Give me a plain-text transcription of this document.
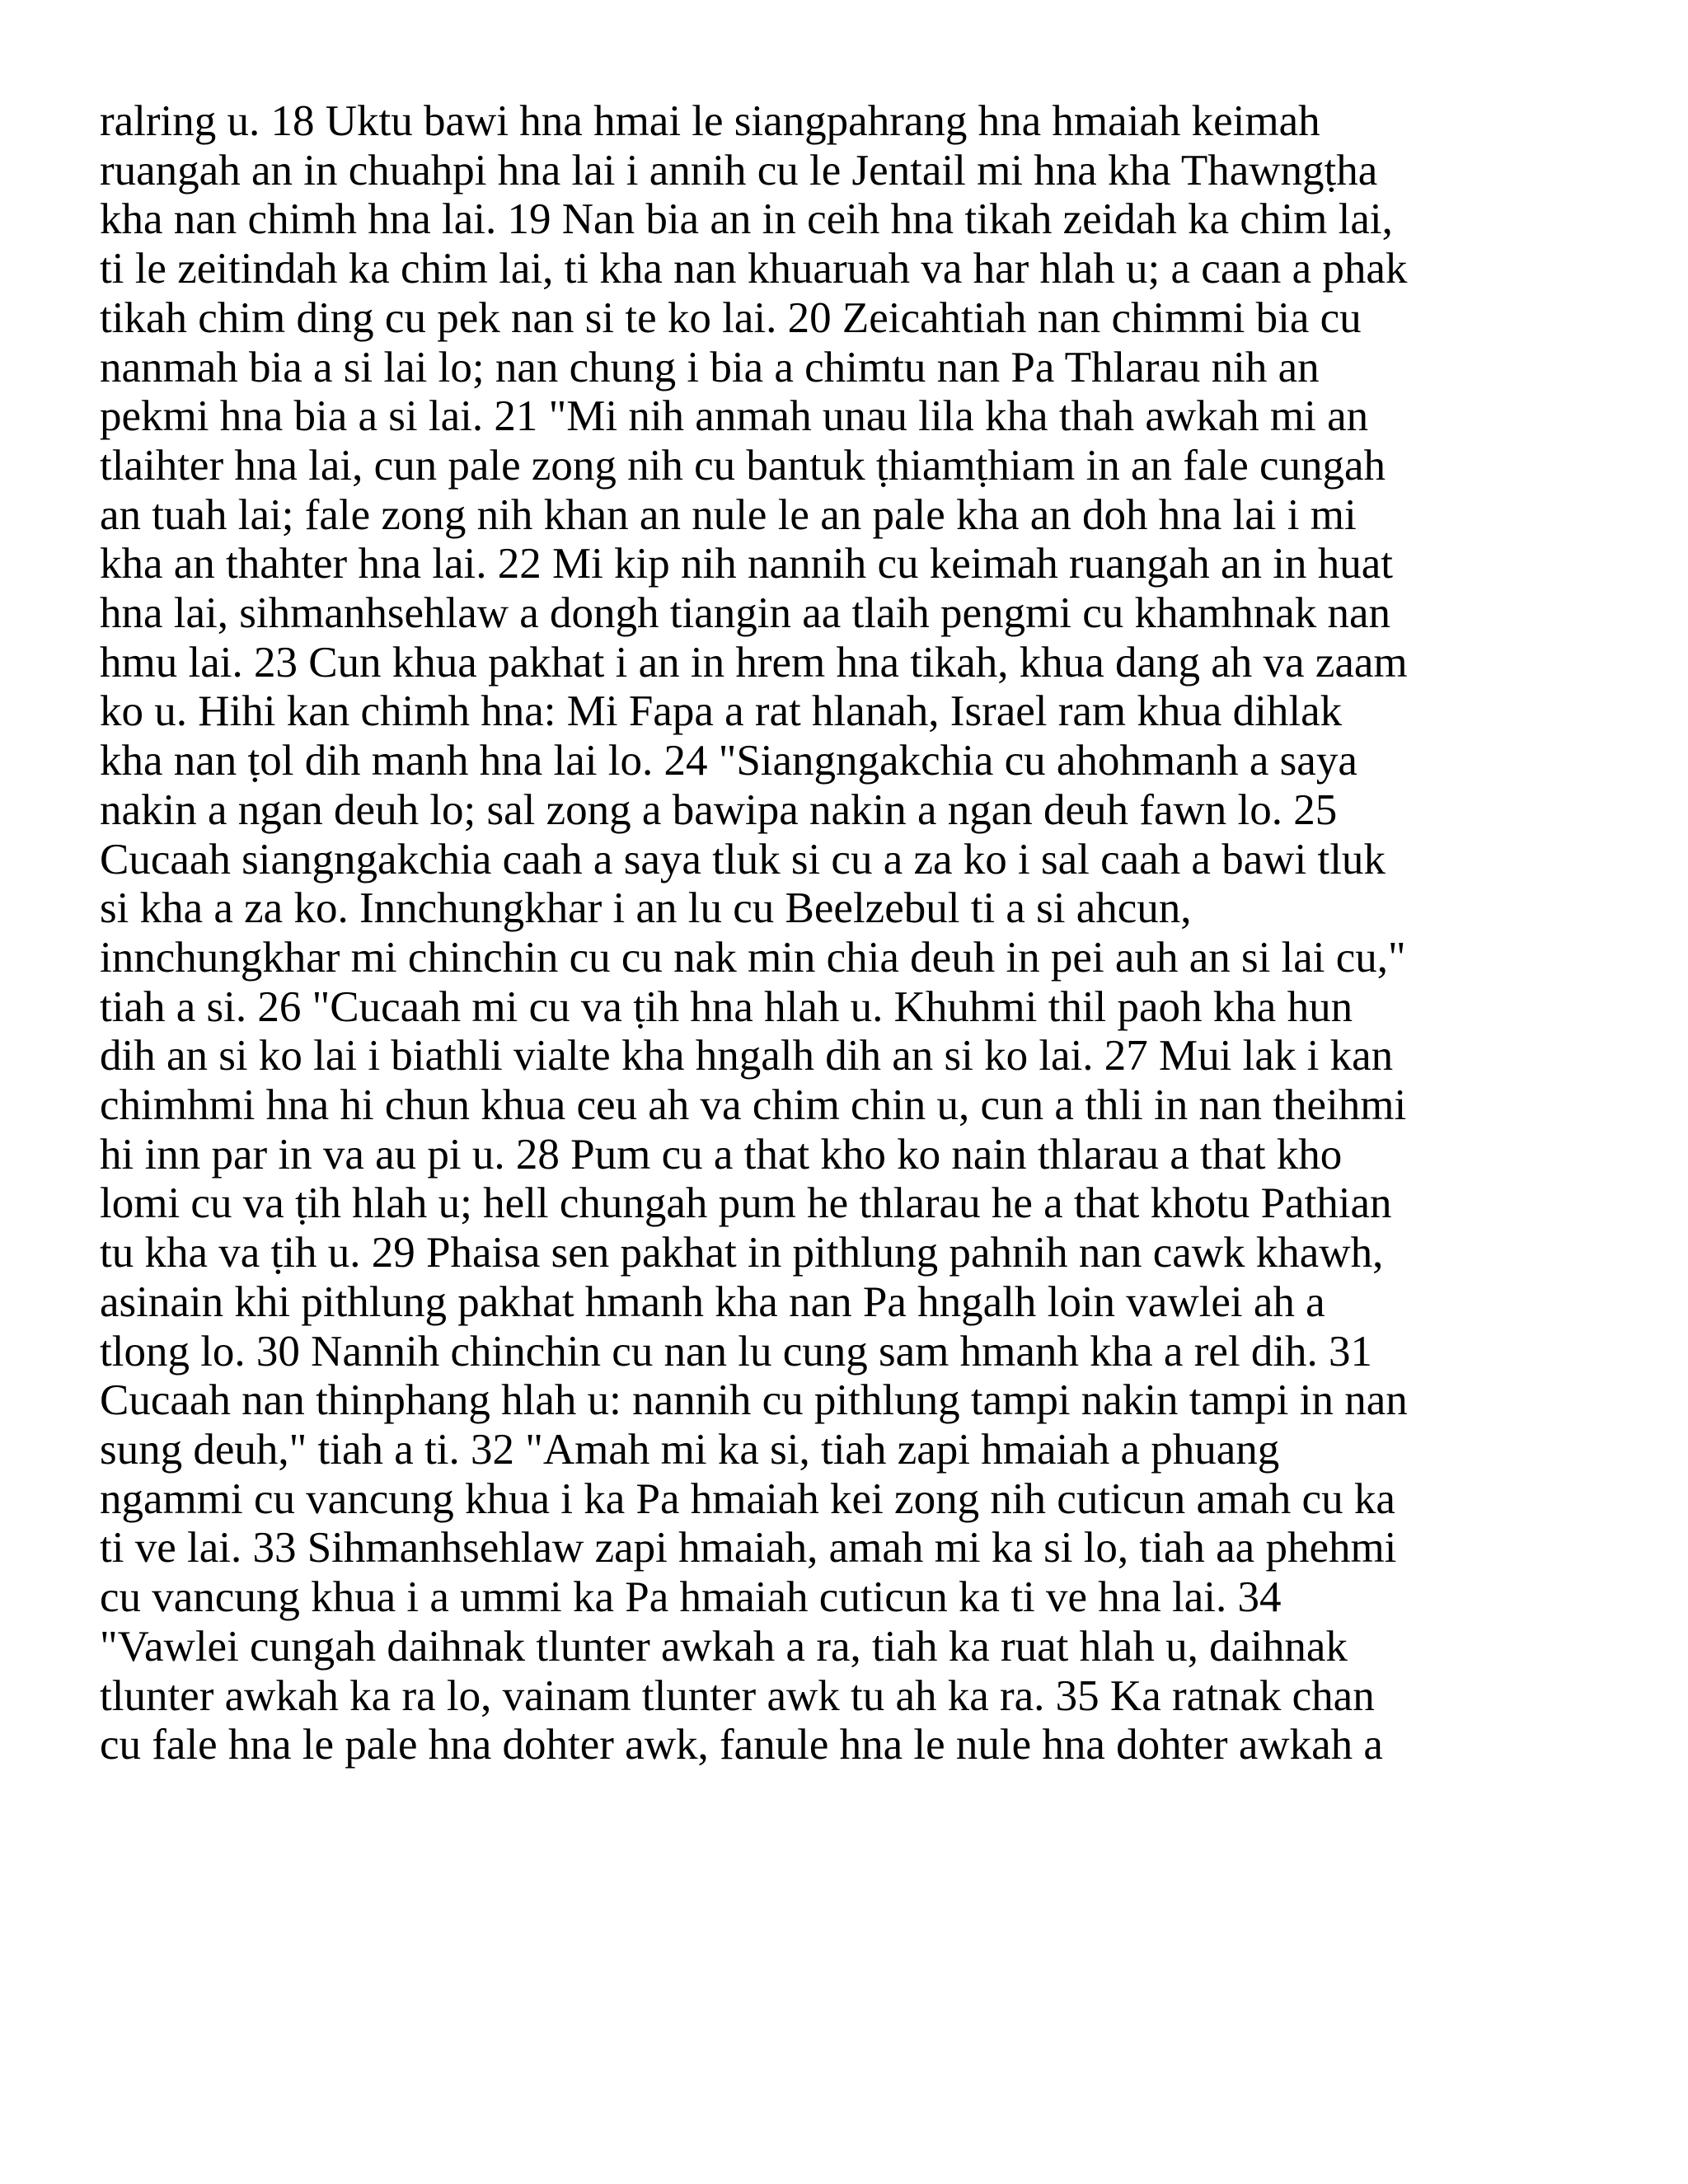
ralring u. 18 Uktu bawi hna hmai le siangpahrang hna hmaiah keimah
ruangah an in chuahpi hna lai i annih cu le Jentail mi hna kha Thawngṭha
kha nan chimh hna lai. 19 Nan bia an in ceih hna tikah zeidah ka chim lai,
ti le zeitindah ka chim lai, ti kha nan khuaruah va har hlah u; a caan a phak
tikah chim ding cu pek nan si te ko lai. 20 Zeicahtiah nan chimmi bia cu
nanmah bia a si lai lo; nan chung i bia a chimtu nan Pa Thlarau nih an
pekmi hna bia a si lai. 21 "Mi nih anmah unau lila kha thah awkah mi an
tlaihter hna lai, cun pale zong nih cu bantuk ṭhiamṭhiam in an fale cungah
an tuah lai; fale zong nih khan an nule le an pale kha an doh hna lai i mi
kha an thahter hna lai. 22 Mi kip nih nannih cu keimah ruangah an in huat
hna lai, sihmanhsehlaw a dongh tiangin aa tlaih pengmi cu khamhnak nan
hmu lai. 23 Cun khua pakhat i an in hrem hna tikah, khua dang ah va zaam
ko u. Hihi kan chimh hna: Mi Fapa a rat hlanah, Israel ram khua dihlak
kha nan ṭol dih manh hna lai lo. 24 "Siangngakchia cu ahohmanh a saya
nakin a ngan deuh lo; sal zong a bawipa nakin a ngan deuh fawn lo. 25
Cucaah siangngakchia caah a saya tluk si cu a za ko i sal caah a bawi tluk
si kha a za ko. Innchungkhar i an lu cu Beelzebul ti a si ahcun,
innchungkhar mi chinchin cu cu nak min chia deuh in pei auh an si lai cu,"
tiah a si. 26 "Cucaah mi cu va ṭih hna hlah u. Khuhmi thil paoh kha hun
dih an si ko lai i biathli vialte kha hngalh dih an si ko lai. 27 Mui lak i kan
chimhmi hna hi chun khua ceu ah va chim chin u, cun a thli in nan theihmi
hi inn par in va au pi u. 28 Pum cu a that kho ko nain thlarau a that kho
lomi cu va ṭih hlah u; hell chungah pum he thlarau he a that khotu Pathian
tu kha va ṭih u. 29 Phaisa sen pakhat in pithlung pahnih nan cawk khawh,
asinain khi pithlung pakhat hmanh kha nan Pa hngalh loin vawlei ah a
tlong lo. 30 Nannih chinchin cu nan lu cung sam hmanh kha a rel dih. 31
Cucaah nan thinphang hlah u: nannih cu pithlung tampi nakin tampi in nan
sung deuh," tiah a ti. 32 "Amah mi ka si, tiah zapi hmaiah a phuang
ngammi cu vancung khua i ka Pa hmaiah kei zong nih cuticun amah cu ka
ti ve lai. 33 Sihmanhsehlaw zapi hmaiah, amah mi ka si lo, tiah aa phehmi
cu vancung khua i a ummi ka Pa hmaiah cuticun ka ti ve hna lai. 34
"Vawlei cungah daihnak tlunter awkah a ra, tiah ka ruat hlah u, daihnak
tlunter awkah ka ra lo, vainam tlunter awk tu ah ka ra. 35 Ka ratnak chan
cu fale hna le pale hna dohter awk, fanule hna le nule hna dohter awkah a
